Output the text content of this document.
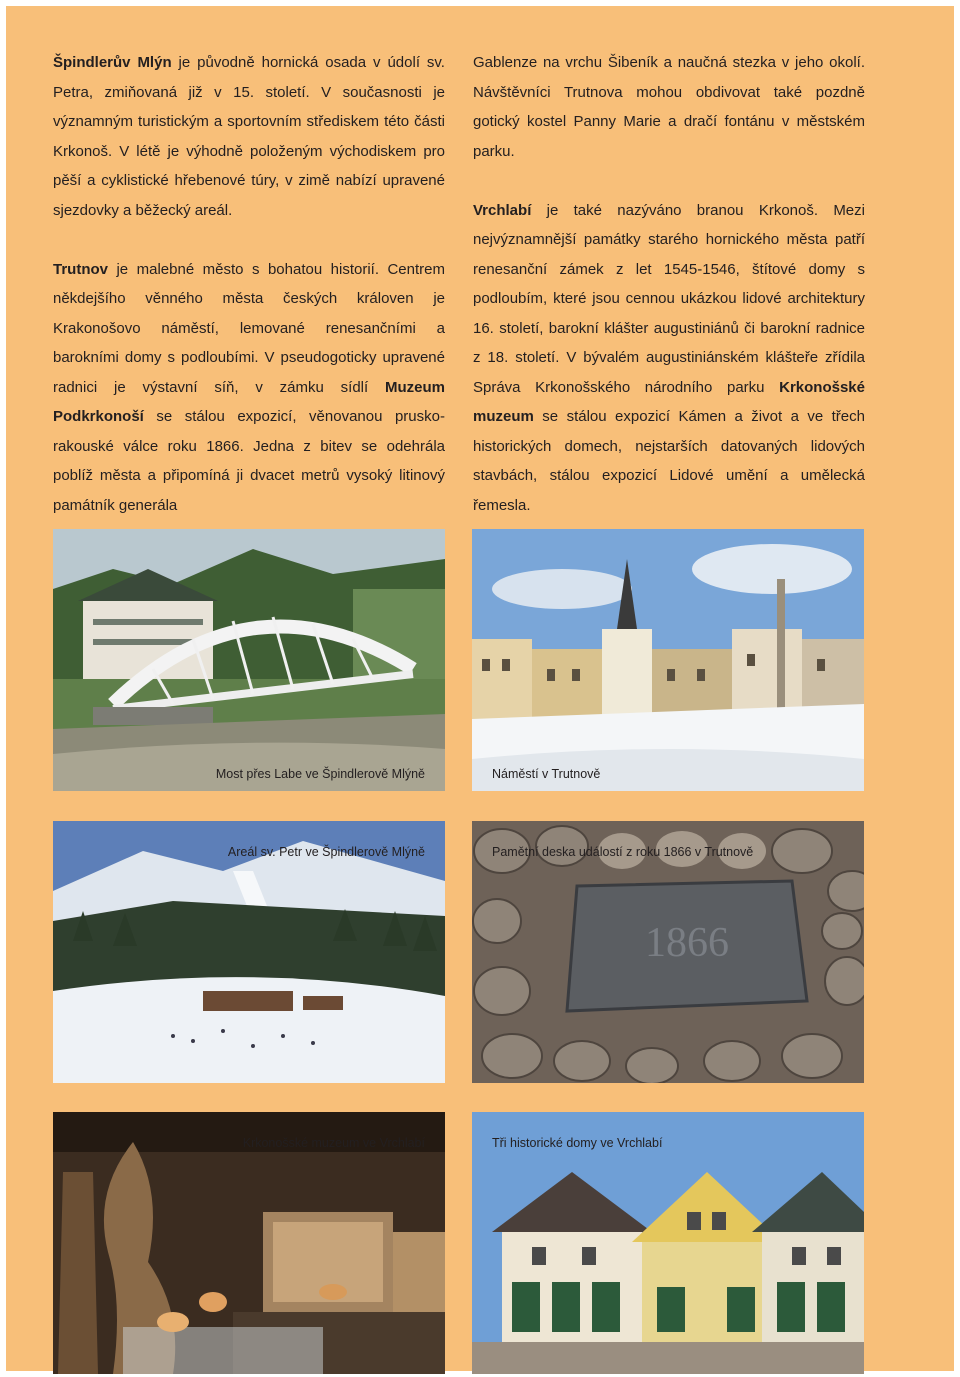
Špindlerův Mlýn je původně hornická osada v údolí sv. Petra, zmiňovaná již v 15. století. V současnosti je významným turistickým a sportovním střediskem této části Krkonoš. V létě je výhodně položeným východiskem pro pěší a cyklistické hřebenové túry, v zimě nabízí upravené sjezdovky a běžecký areál.

Trutnov je malebné město s bohatou historií. Centrem někdejšího věnného města českých královen je Krakonošovo náměstí, lemované renesančními a barokními domy s podloubími. V pseudogoticky upravené radnici je výstavní síň, v zámku sídlí Muzeum Podkrkonoší se stálou expozicí, věnovanou prusko-rakouské válce roku 1866. Jedna z bitev se odehrála poblíž města a připomíná ji dvacet metrů vysoký litinový památník generála

Gablenze na vrchu Šibeník a naučná stezka v jeho okolí. Návštěvníci Trutnova mohou obdivovat také pozdně gotický kostel Panny Marie a dračí fontánu v městském parku.

Vrchlabí je také nazýváno branou Krkonoš. Mezi nejvýznamnější památky starého hornického města patří renesanční zámek z let 1545-1546, štítové domy s podloubím, které jsou cennou ukázkou lidové architektury 16. století, barokní klášter augustiniánů či barokní radnice z 18. století. V bývalém augustiniánském klášteře zřídila Správa Krkonošského národního parku Krkonošské muzeum se stálou expozicí Kámen a život a ve třech historických domech, nejstarších datovaných lidových stavbách, stálou expozicí Lidové umění a umělecká řemesla.

Most přes Labe ve Špindlerově Mlýně	Náměstí v Trutnově
Areál sv. Petr ve Špindlerově Mlýně
1866
Pamětní deska událostí z roku 1866 v Trutnově
Krkonošské muzeum ve Vrchlabí	Tři historické domy ve Vrchlabí
